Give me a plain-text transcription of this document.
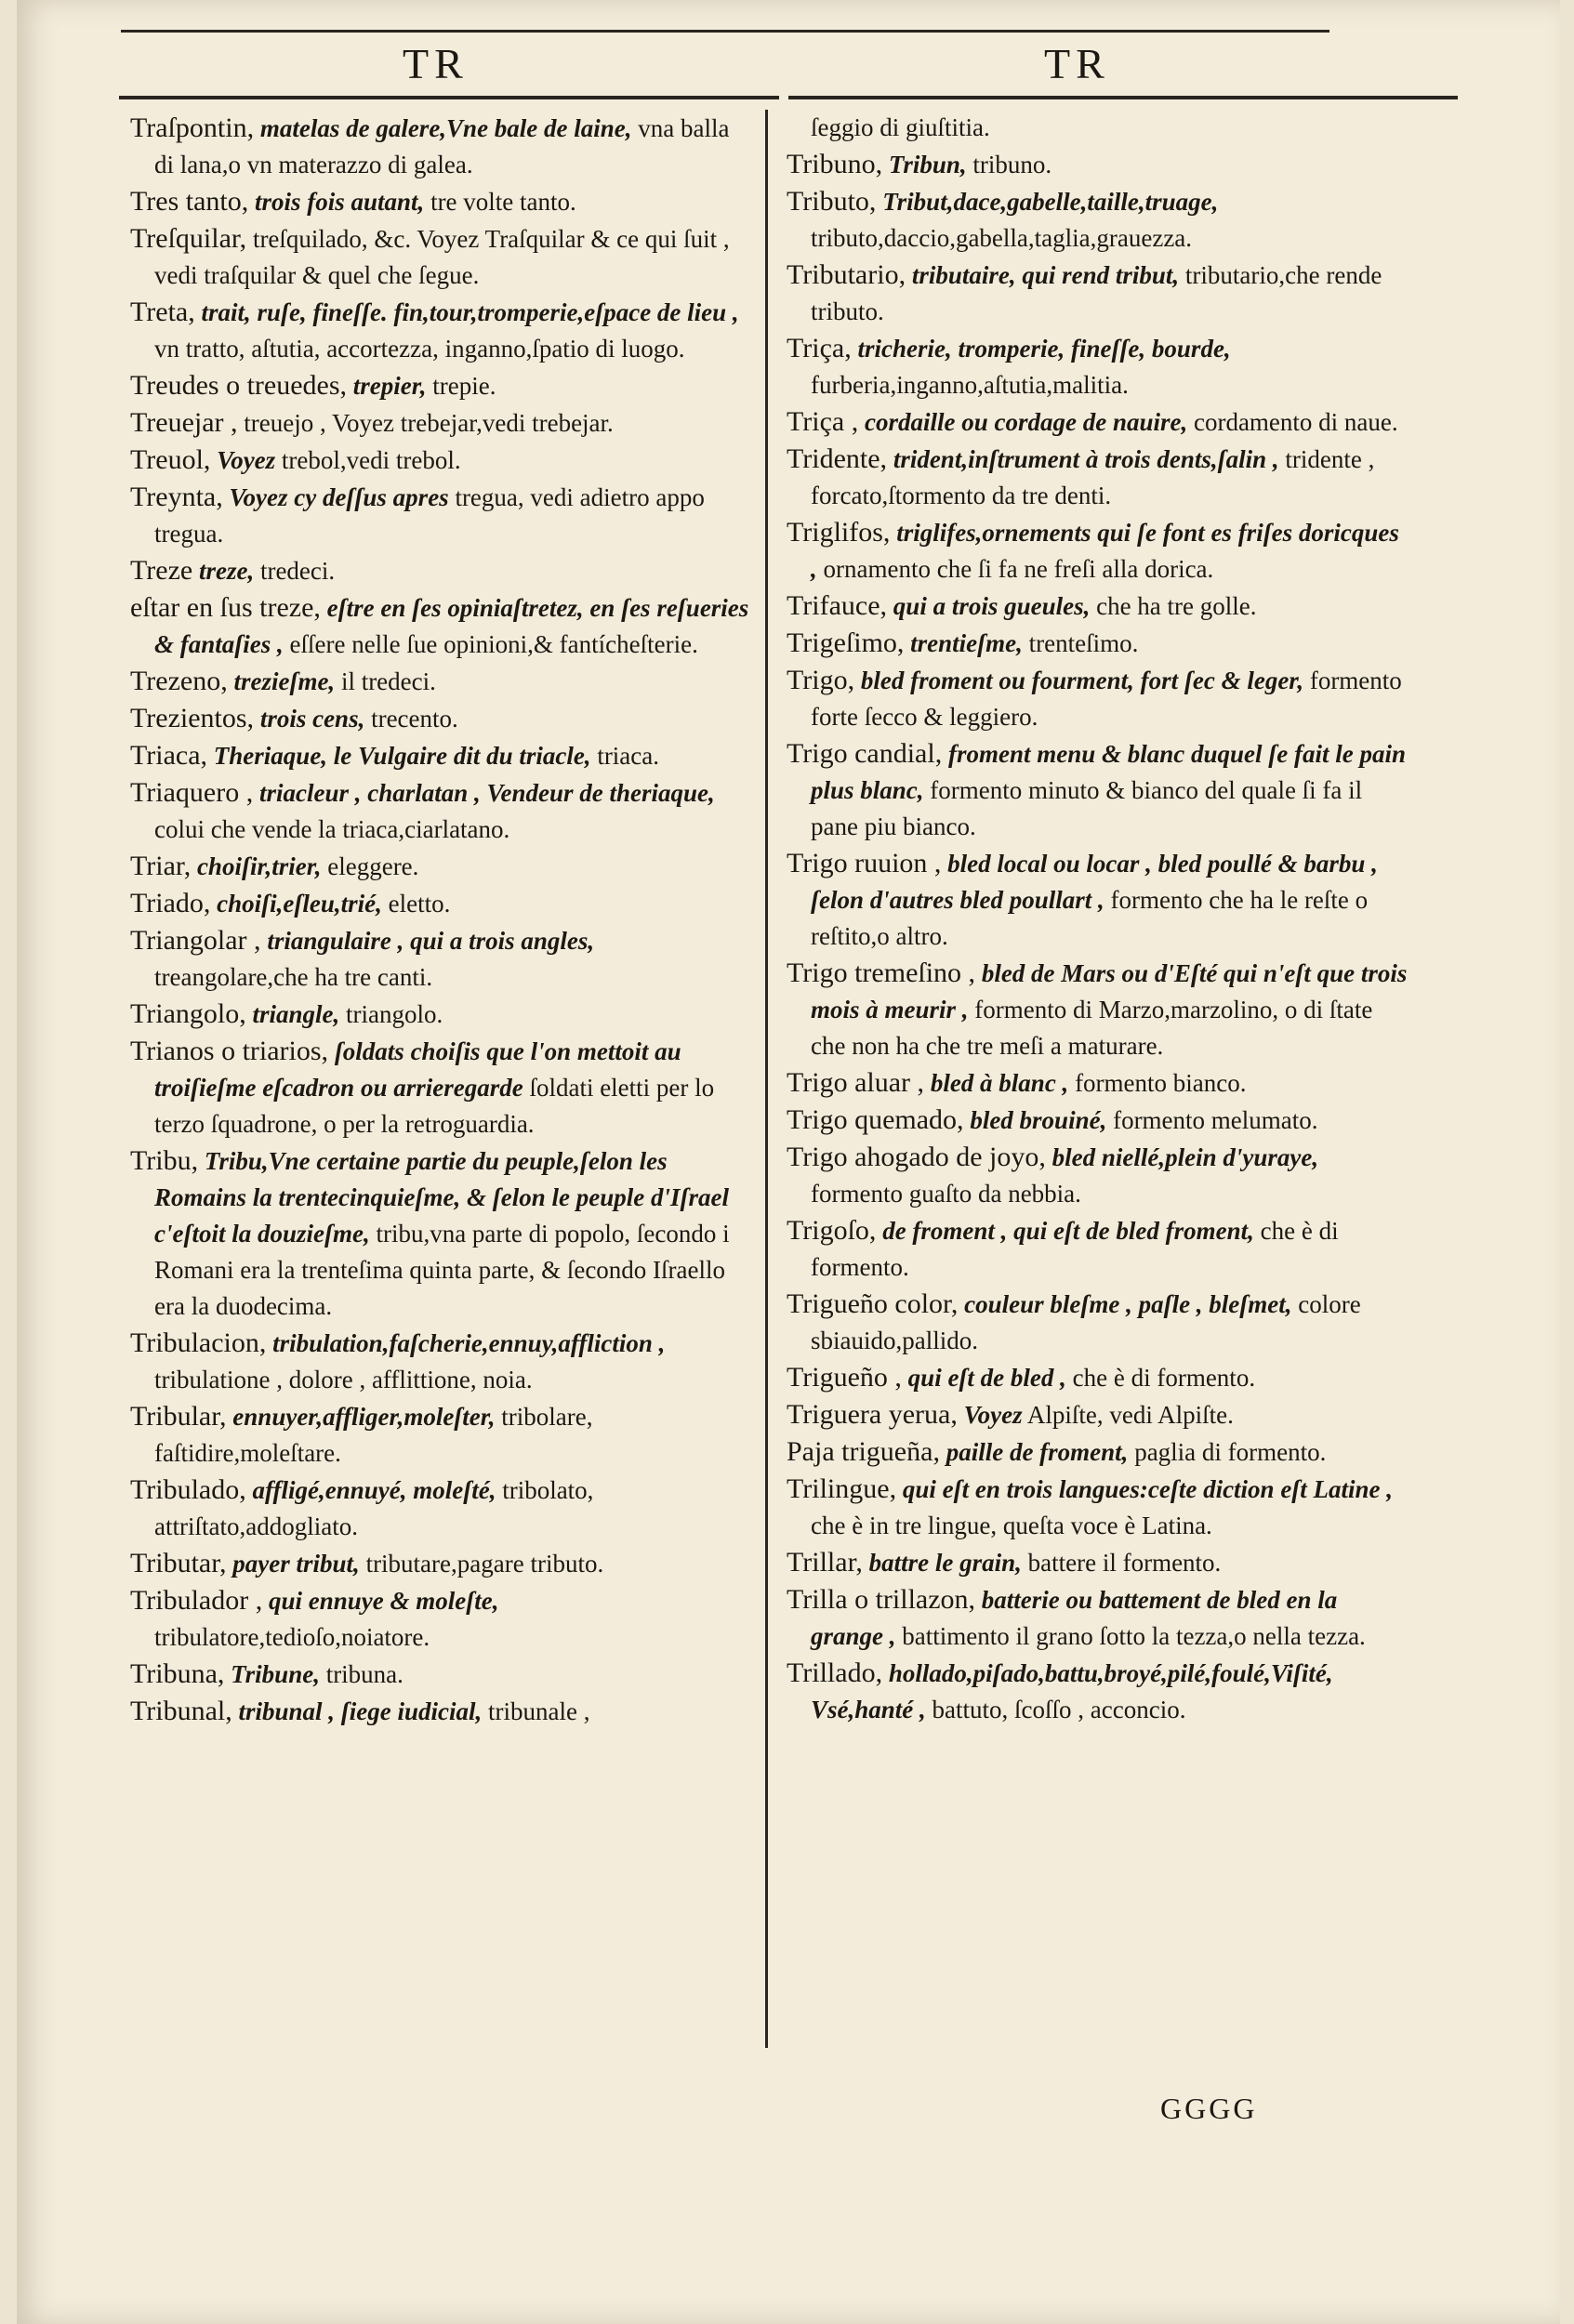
TR	TR

Traſpontin, matelas de galere,Vne bale de laine, vna balla di lana,o vn materazzo di galea.

Tres tanto, trois fois autant, tre volte tanto.

Treſquilar, treſquilado, &c. Voyez Traſquilar & ce qui ſuit , vedi traſquilar & quel che ſegue.

Treta, trait, ruſe, fineſſe. fin,tour,tromperie,eſpace de lieu , vn tratto, aſtutia, accortezza, inganno,ſpatio di luogo.

Treudes o treuedes, trepier, trepie.

Treuejar , treuejo , Voyez trebejar,vedi trebejar.

Treuol, Voyez trebol,vedi trebol.

Treynta, Voyez cy deſſus apres tregua, vedi adietro appo tregua.

Treze treze, tredeci.

eſtar en ſus treze, eſtre en ſes opiniaſtretez, en ſes reſueries & fantaſies , eſſere nelle ſue opinioni,& fantícheſterie.

Trezeno, trezieſme, il tredeci.

Trezientos, trois cens, trecento.

Triaca, Theriaque, le Vulgaire dit du triacle, triaca.

Triaquero , triacleur , charlatan , Vendeur de theriaque, colui che vende la triaca,ciarlatano.

Triar, choiſir,trier, eleggere.

Triado, choiſi,eſleu,trié, eletto.

Triangolar , triangulaire , qui a trois angles, treangolare,che ha tre canti.

Triangolo, triangle, triangolo.

Trianos o triarios, ſoldats choiſis que l'on mettoit au troiſieſme eſcadron ou arrieregarde ſoldati eletti per lo terzo ſquadrone, o per la retroguardia.

Tribu, Tribu,Vne certaine partie du peuple,ſelon les Romains la trentecinquieſme, & ſelon le peuple d'Iſrael c'eſtoit la douzieſme, tribu,vna parte di popolo, ſecondo i Romani era la trenteſima quinta parte, & ſecondo Iſraello era la duodecima.

Tribulacion, tribulation,faſcherie,ennuy,affliction , tribulatione , dolore , afflittione, noia.

Tribular, ennuyer,affliger,moleſter, tribolare, faſtidire,moleſtare.

Tribulado, affligé,ennuyé, moleſté, tribolato, attriſtato,addogliato.

Tributar, payer tribut, tributare,pagare tributo.

Tribulador , qui ennuye & moleſte, tribulatore,tedioſo,noiatore.

Tribuna, Tribune, tribuna.

Tribunal, tribunal , ſiege iudicial, tribunale ,

ſeggio di giuſtitia.

Tribuno, Tribun, tribuno.

Tributo, Tribut,dace,gabelle,taille,truage, tributo,daccio,gabella,taglia,grauezza.

Tributario, tributaire, qui rend tribut, tributario,che rende tributo.

Triça, tricherie, tromperie, fineſſe, bourde, furberia,inganno,aſtutia,malitia.

Triça , cordaille ou cordage de nauire, cordamento di naue.

Tridente, trident,inſtrument à trois dents,ſalin , tridente , forcato,ſtormento da tre denti.

Triglifos, triglifes,ornements qui ſe font es friſes doricques , ornamento che ſi fa ne freſi alla dorica.

Trifauce, qui a trois gueules, che ha tre golle.

Trigeſimo, trentieſme, trenteſimo.

Trigo, bled froment ou fourment, fort ſec & leger, formento forte ſecco & leggiero.

Trigo candial, froment menu & blanc duquel ſe fait le pain plus blanc, formento minuto & bianco del quale ſi fa il pane piu bianco.

Trigo ruuion , bled local ou locar , bled poullé & barbu , ſelon d'autres bled poullart , formento che ha le reſte o reſtito,o altro.

Trigo tremeſino , bled de Mars ou d'Eſté qui n'eſt que trois mois à meurir , formento di Marzo,marzolino, o di ſtate che non ha che tre meſi a maturare.

Trigo aluar , bled à blanc , formento bianco.

Trigo quemado, bled brouiné, formento melumato.

Trigo ahogado de joyo, bled niellé,plein d'yuraye, formento guaſto da nebbia.

Trigoſo, de froment , qui eſt de bled froment, che è di formento.

Trigueño color, couleur bleſme , paſle , bleſmet, colore sbiauido,pallido.

Trigueño , qui eſt de bled , che è di formento.

Triguera yerua, Voyez Alpiſte, vedi Alpiſte.

Paja trigueña, paille de froment, paglia di formento.

Trilingue, qui eſt en trois langues:ceſte diction eſt Latine , che è in tre lingue, queſta voce è Latina.

Trillar, battre le grain, battere il formento.

Trilla o trillazon, batterie ou battement de bled en la grange , battimento il grano ſotto la tezza,o nella tezza.

Trillado, hollado,piſado,battu,broyé,pilé,foulé,Viſité, Vsé,hanté , battuto, ſcoſſo , acconcio.

GGGG
